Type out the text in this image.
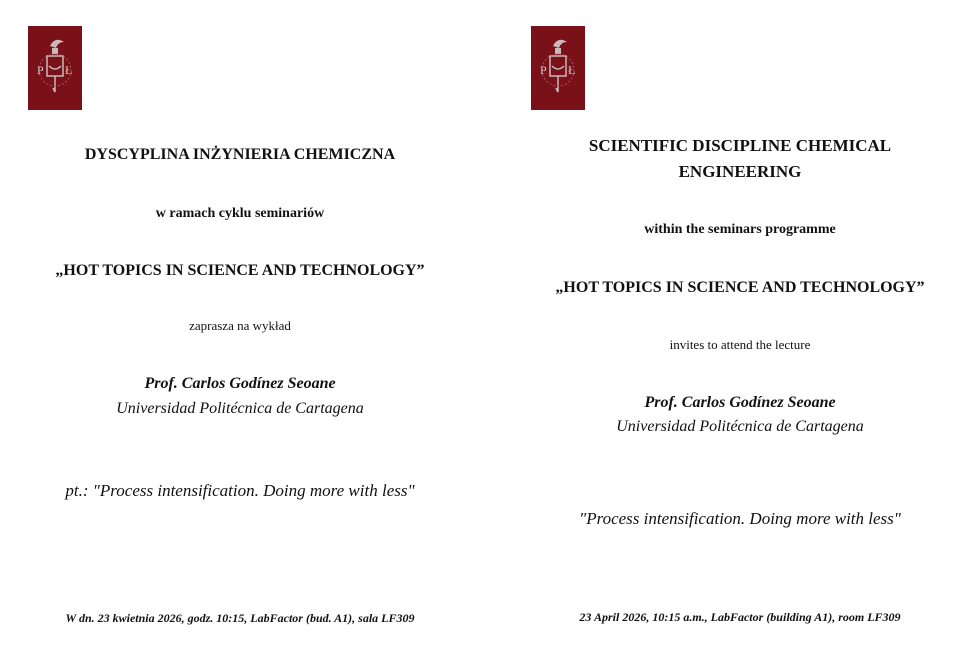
P Ł
DYSCYPLINA INŻYNIERIA CHEMICZNA
w ramach cyklu seminariów
„HOT TOPICS IN SCIENCE AND TECHNOLOGY”
zaprasza na wykład
Prof. Carlos Godínez Seoane
Universidad Politécnica de Cartagena
pt.: "Process intensification. Doing more with less"
W dn. 23 kwietnia 2026, godz. 10:15, LabFactor (bud. A1), sala LF309
P Ł
SCIENTIFIC DISCIPLINE CHEMICAL
ENGINEERING
within the seminars programme
„HOT TOPICS IN SCIENCE AND TECHNOLOGY”
invites to attend the lecture
Prof. Carlos Godínez Seoane
Universidad Politécnica de Cartagena
"Process intensification. Doing more with less"
23 April 2026, 10:15 a.m., LabFactor (building A1), room LF309
